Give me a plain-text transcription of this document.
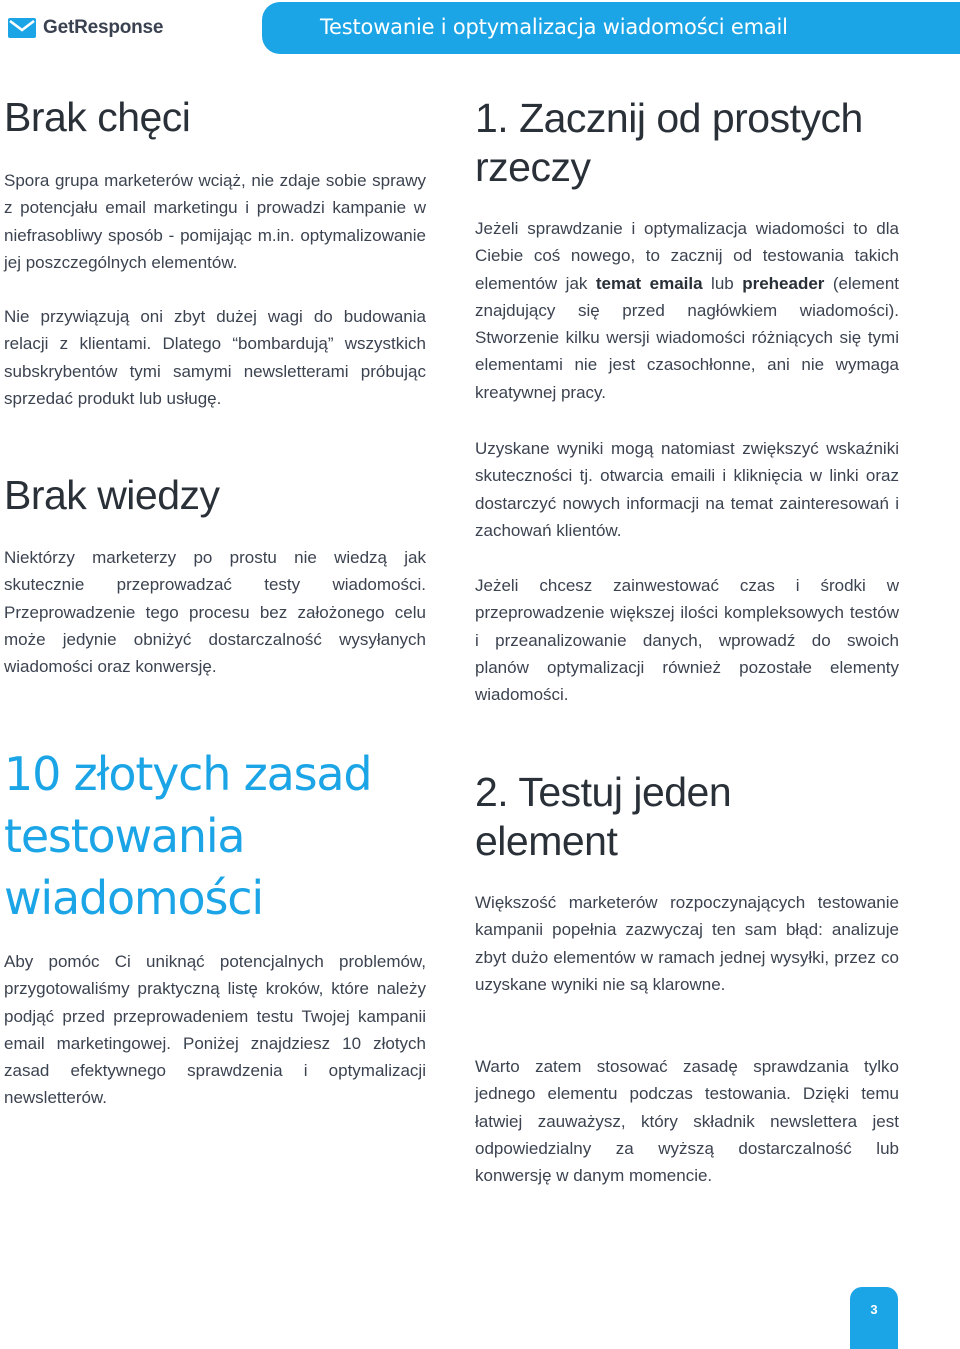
GetResponse	Testowanie i optymalizacja wiadomości email
Brak chęci

Spora grupa marketerów wciąż, nie zdaje sobie sprawy z potencjału email marketingu i prowadzi kampanie w niefrasobliwy sposób - pomijając m.in. optymalizowanie jej poszczególnych elementów.

Nie przywiązują oni zbyt dużej wagi do budowania relacji z klientami. Dlatego “bombardują” wszystkich subskrybentów tymi samymi newsletterami próbując sprzedać produkt lub usługę.

Brak wiedzy

Niektórzy marketerzy po prostu nie wiedzą jak skutecznie przeprowadzać testy wiadomości. Przeprowadzenie tego procesu bez założonego celu może jedynie obniżyć dostarczalność wysyłanych wiadomości oraz konwersję.

10 złotych zasad testowania wiadomości

Aby pomóc Ci uniknąć potencjalnych problemów, przygotowaliśmy praktyczną listę kroków, które należy podjąć przed przeprowadeniem testu Twojej kampanii email marketingowej. Poniżej znajdziesz 10 złotych zasad efektywnego sprawdzenia i optymalizacji newsletterów.

1. Zacznij od prostych rzeczy

Jeżeli sprawdzanie i optymalizacja wiadomości to dla Ciebie coś nowego, to zacznij od testowania takich elementów jak temat emaila lub preheader (element znajdujący się przed nagłówkiem wiadomości). Stworzenie kilku wersji wiadomości różniących się tymi elementami nie jest czasochłonne, ani nie wymaga kreatywnej pracy.

Uzyskane wyniki mogą natomiast zwiększyć wskaźniki skuteczności tj. otwarcia emaili i kliknięcia w linki oraz dostarczyć nowych informacji na temat zainteresowań i zachowań klientów.

Jeżeli chcesz zainwestować czas i środki w przeprowadzenie większej ilości kompleksowych testów i przeanalizowanie danych, wprowadź do swoich planów optymalizacji również pozostałe elementy wiadomości.

2. Testuj jeden element

Większość marketerów rozpoczynających testowanie kampanii popełnia zazwyczaj ten sam błąd: analizuje zbyt dużo elementów w ramach jednej wysyłki, przez co uzyskane wyniki nie są klarowne.

Warto zatem stosować zasadę sprawdzania tylko jednego elementu podczas testowania. Dzięki temu łatwiej zauważysz, który składnik newslettera jest odpowiedzialny za wyższą dostarczalność lub konwersję w danym momencie.

3
